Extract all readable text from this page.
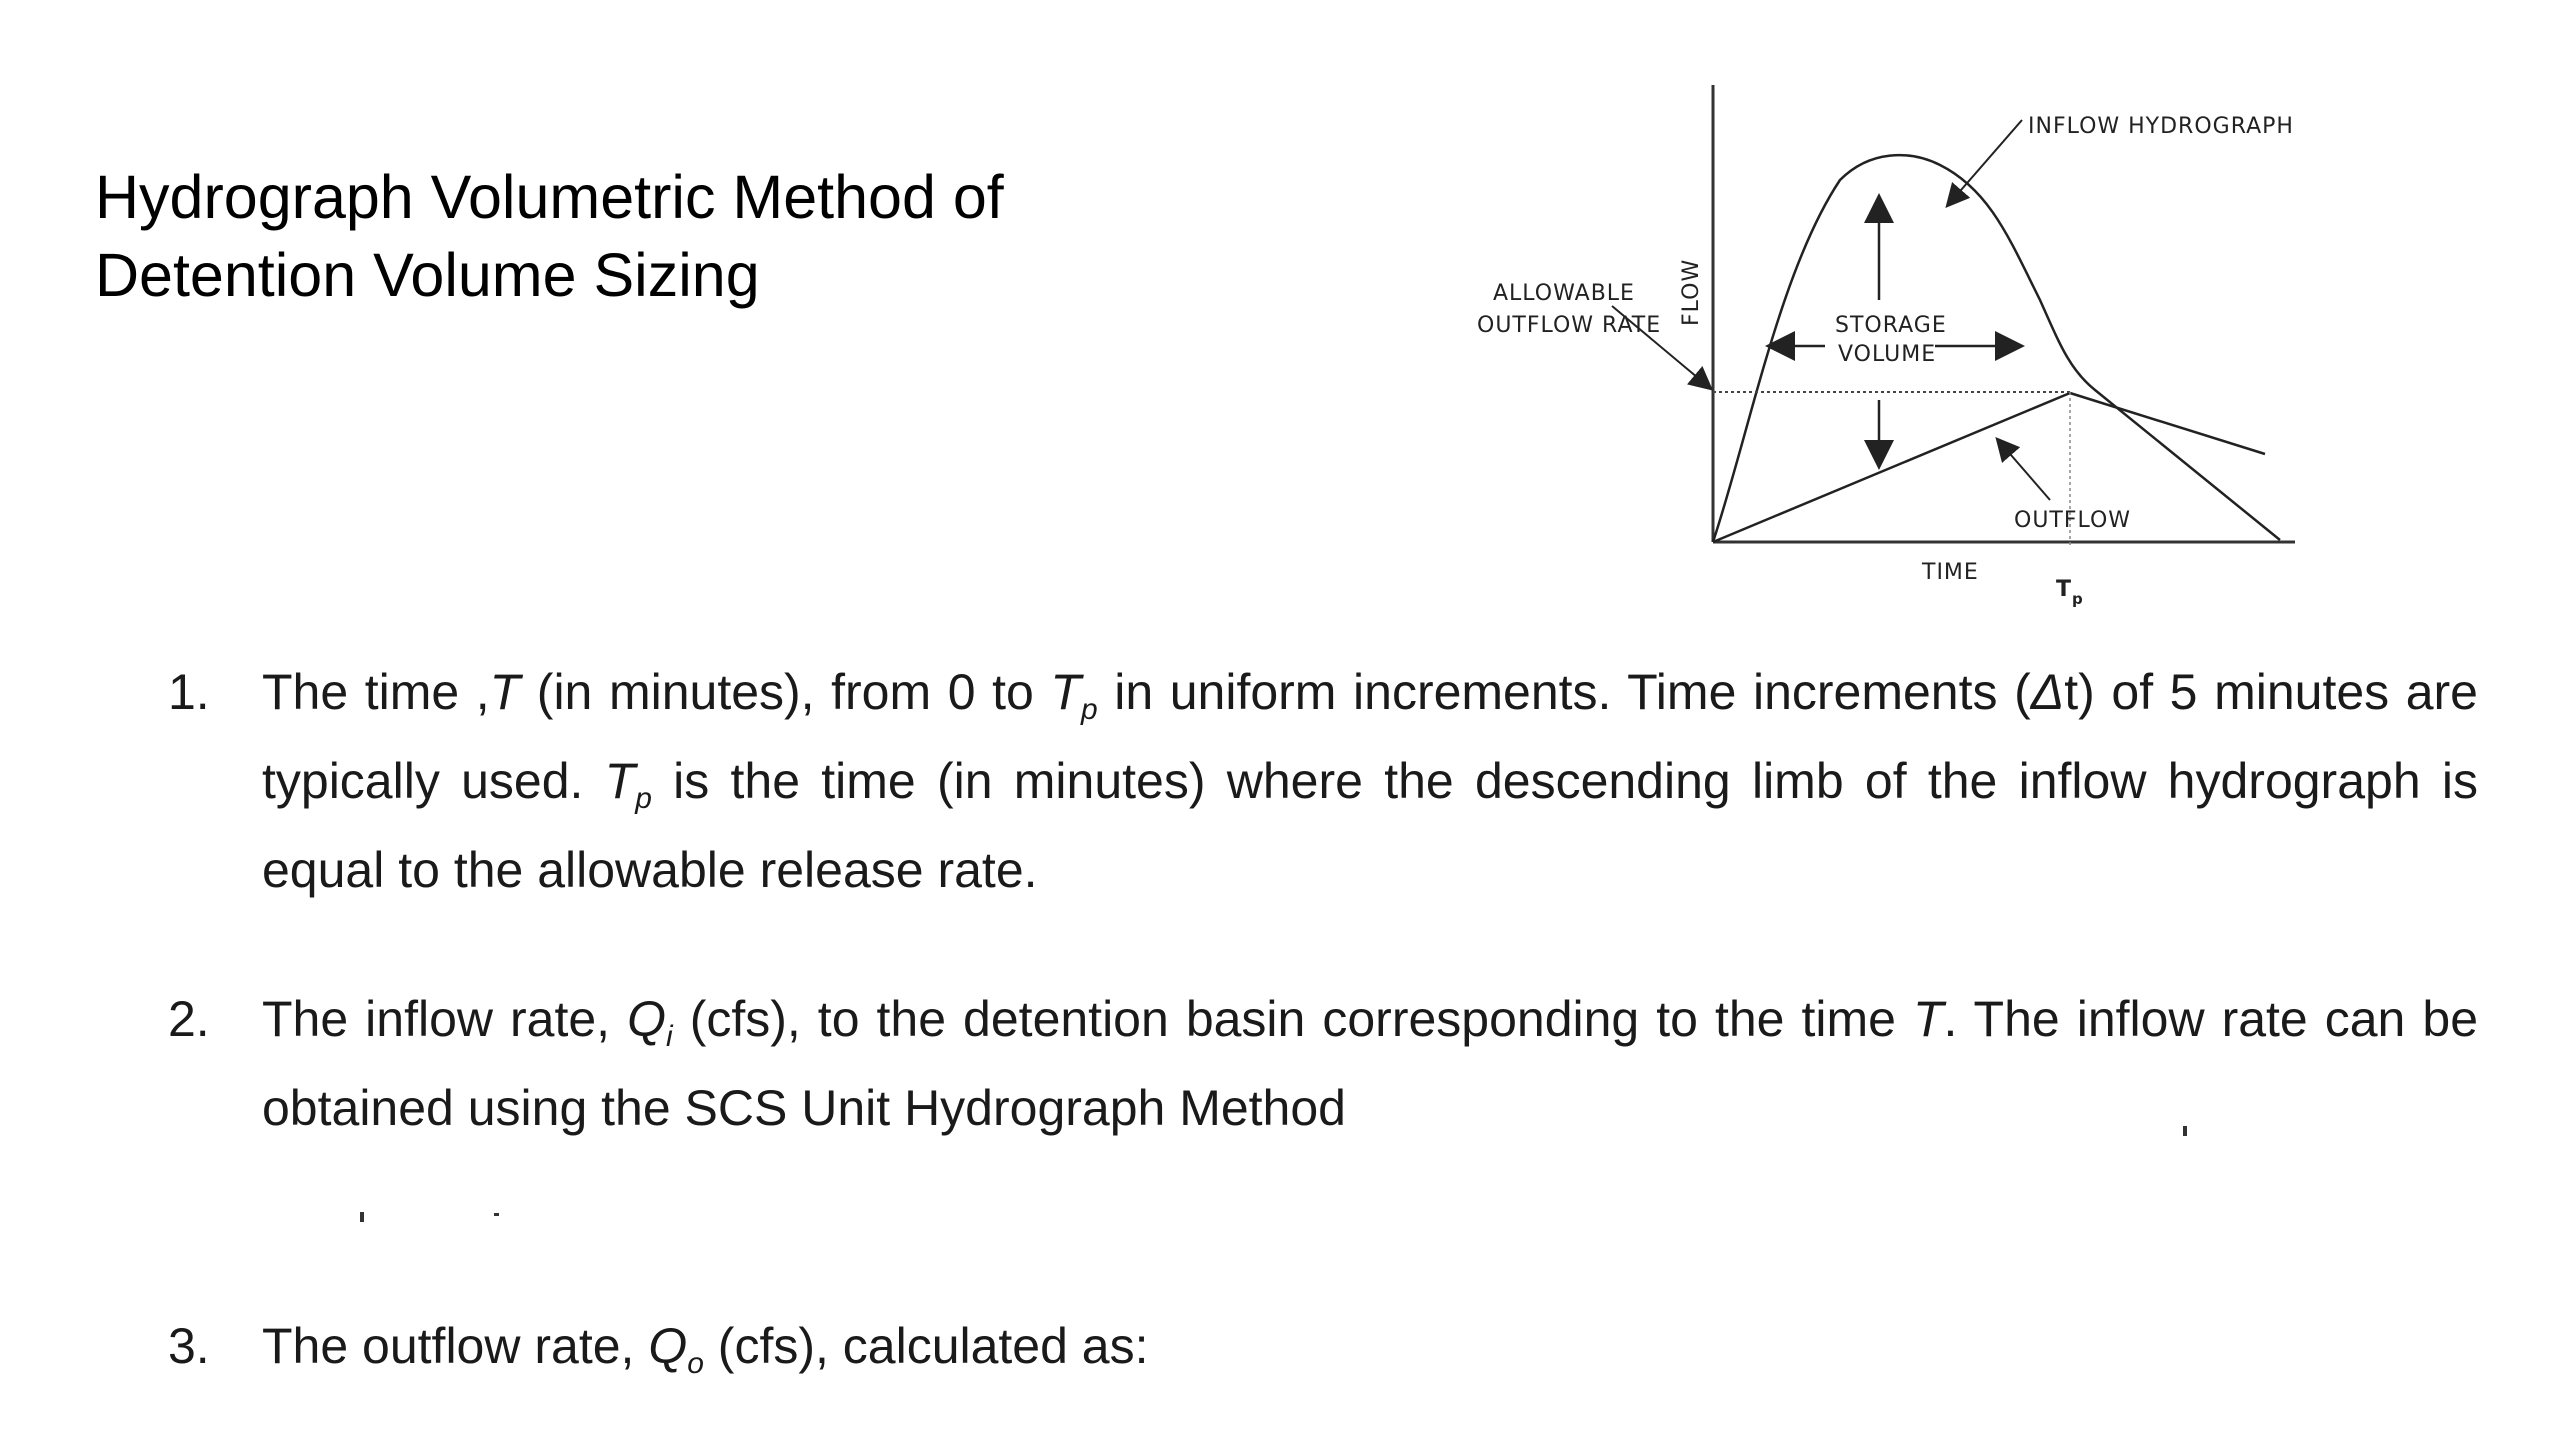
Hydrograph Volumetric Method of
Detention Volume Sizing
INFLOW HYDROGRAPH
ALLOWABLE
OUTFLOW RATE FLOW	STORAGE
VOLUME
OUTFLOW
TIME
$T_p$
1.	The time ,T (in minutes), from 0 to $T_p$ in uniform increments. Time increments (Δt) of 5 minutes are typically used. $T_p$ is the time (in minutes) where the descending limb of the inflow hydrograph is equal to the allowable release rate.
2.	The inflow rate, $Q_i$ (cfs), to the detention basin corresponding to the time T. The inflow rate can be obtained using the SCS Unit Hydrograph Method
3.	The outflow rate, $Q_o$ (cfs), calculated as:
